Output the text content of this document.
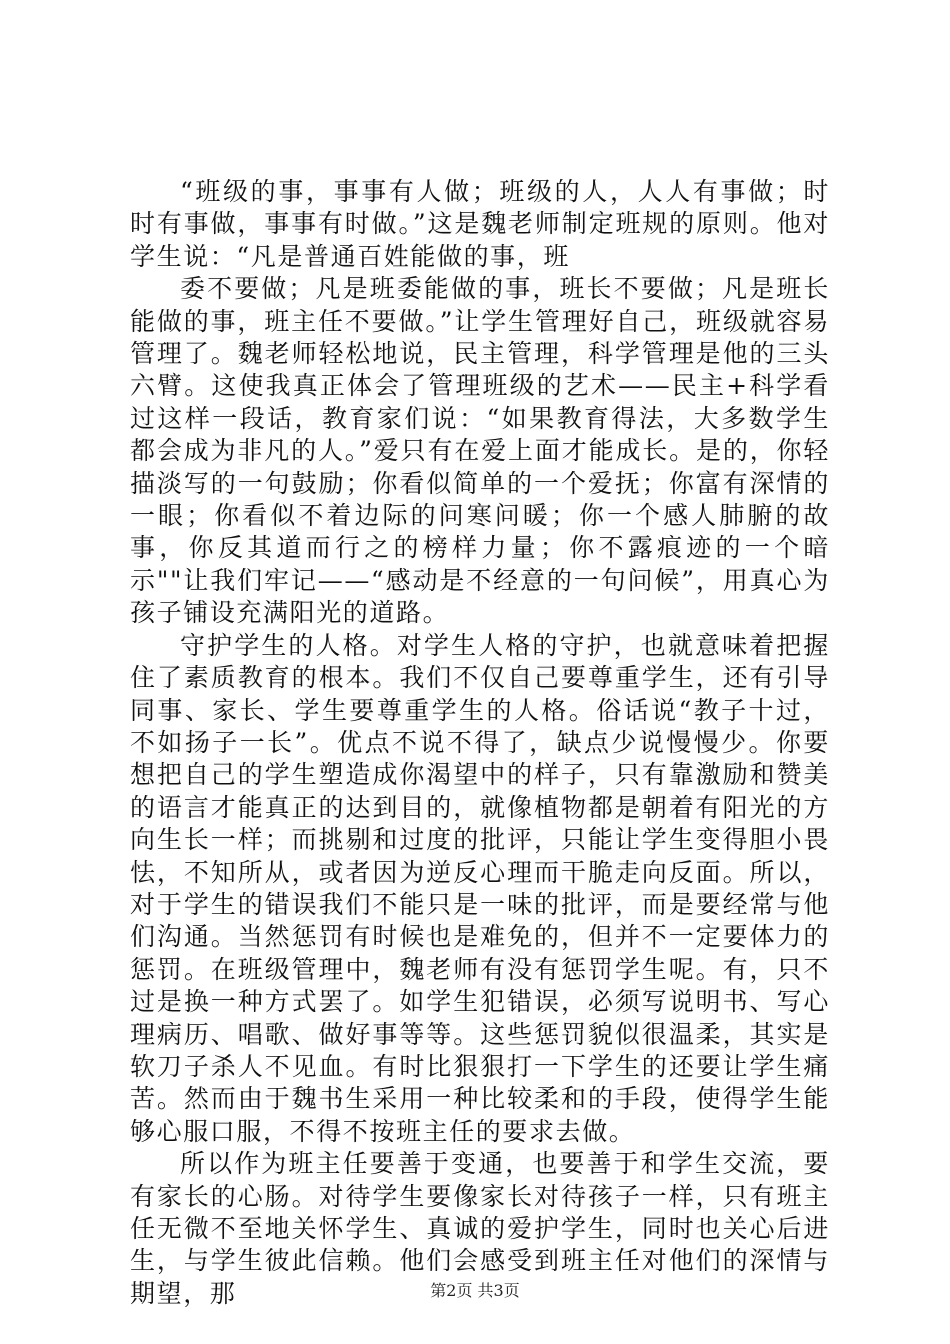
“班级的事，事事有人做；班级的人，人人有事做；时时有事做，事事有时做。”这是魏老师制定班规的原则。他对学生说：“凡是普通百姓能做的事，班

委不要做；凡是班委能做的事，班长不要做；凡是班长能做的事，班主任不要做。”让学生管理好自己，班级就容易管理了。魏老师轻松地说，民主管理，科学管理是他的三头六臂。这使我真正体会了管理班级的艺术——民主+科学看过这样一段话，教育家们说：“如果教育得法，大多数学生都会成为非凡的人。”爱只有在爱上面才能成长。是的，你轻描淡写的一句鼓励；你看似简单的一个爱抚；你富有深情的一眼；你看似不着边际的问寒问暖；你一个感人肺腑的故事，你反其道而行之的榜样力量；你不露痕迹的一个暗示""让我们牢记——“感动是不经意的一句问候”，用真心为孩子铺设充满阳光的道路。

守护学生的人格。对学生人格的守护，也就意味着把握住了素质教育的根本。我们不仅自己要尊重学生，还有引导同事、家长、学生要尊重学生的人格。俗话说“教子十过，不如扬子一长”。优点不说不得了，缺点少说慢慢少。你要想把自己的学生塑造成你渴望中的样子，只有靠激励和赞美的语言才能真正的达到目的，就像植物都是朝着有阳光的方向生长一样；而挑剔和过度的批评，只能让学生变得胆小畏怯，不知所从，或者因为逆反心理而干脆走向反面。所以，对于学生的错误我们不能只是一味的批评，而是要经常与他们沟通。当然惩罚有时候也是难免的，但并不一定要体力的惩罚。在班级管理中，魏老师有没有惩罚学生呢。有，只不过是换一种方式罢了。如学生犯错误，必须写说明书、写心理病历、唱歌、做好事等等。这些惩罚貌似很温柔，其实是软刀子杀人不见血。有时比狠狠打一下学生的还要让学生痛苦。然而由于魏书生采用一种比较柔和的手段，使得学生能够心服口服，不得不按班主任的要求去做。

所以作为班主任要善于变通，也要善于和学生交流，要有家长的心肠。对待学生要像家长对待孩子一样，只有班主任无微不至地关怀学生、真诚的爱护学生，同时也关心后进生，与学生彼此信赖。他们会感受到班主任对他们的深情与期望，那	第2页 共3页
